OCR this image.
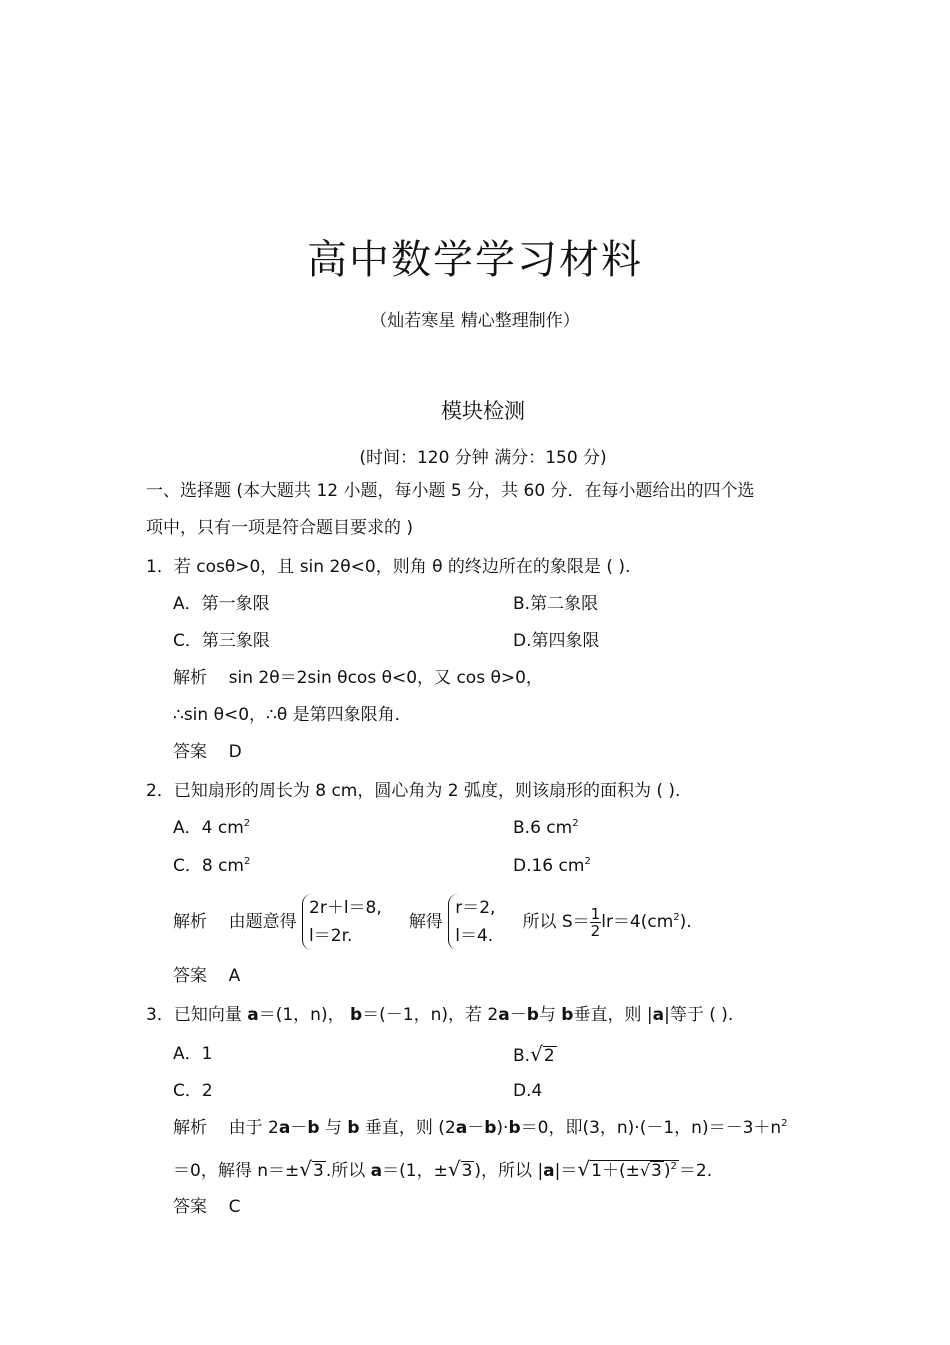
高中数学学习材料
（灿若寒星 精心整理制作）
模块检测
(时间：120 分钟 满分：150 分)
一、选择题 (本大题共 12 小题，每小题 5 分，共 60 分．在每小题给出的四个选
项中，只有一项是符合题目要求的 )
1．若 cosθ>0，且 sin 2θ<0，则角 θ 的终边所在的象限是 ( ).
A．第一象限	B.第二象限
C．第三象限	D.第四象限
解析 sin 2θ＝2sin θcos θ<0，又 cos θ>0，
∴sin θ<0，∴θ 是第四象限角．
答案 D
2．已知扇形的周长为 8 cm，圆心角为 2 弧度，则该扇形的面积为 ( ).
A．4 $cm^2$	B.6 $cm^2$
C．8 $cm^2$	D.16 $cm^2$
解析 由题意得
2r＋l＝8,
l＝2r.
解得
r＝2,
l＝4.
所以 $S= \frac{1}{2} lr=4(cm^2)$.
答案 A
3．已知向量 a＝(1，n)， b＝(－1，n)，若 2a－b与 b垂直，则 |a|等于 ( ).
A．1	B.√2
C．2	D.4
解析 由于 2a－b 与 b 垂直，则 (2a－b)·b＝0，即(3，n)·(－1，$n)=-3+n^2$
＝0，解得 n＝±√3 .所以 a＝(1，±√3 )，所以 |a|＝√1＋(±√3 )$^2$ ＝2.
答案 C
